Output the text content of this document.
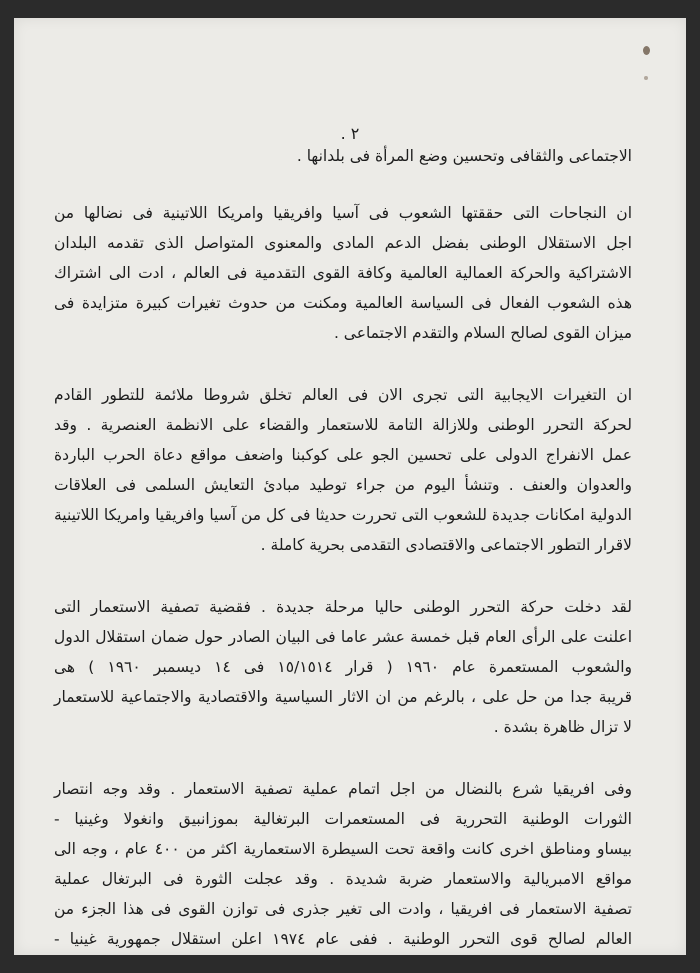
٢ .
الاجتماعى والثقافى وتحسين وضع المرأة فى بلدانها .

ان النجاحات التى حققتها الشعوب فى آسيا وافريقيا وامريكا اللاتينية فى نضالها من
اجل الاستقلال الوطنى بفضل الدعم المادى والمعنوى المتواصل الذى تقدمه البلدان
الاشتراكية والحركة العمالية العالمية وكافة القوى التقدمية فى العالم ، ادت الى اشتراك
هذه الشعوب الفعال فى السياسة العالمية ومكنت من حدوث تغيرات كبيرة متزايدة فى
ميزان القوى لصالح السلام والتقدم الاجتماعى .

ان التغيرات الايجابية التى تجرى الان فى العالم تخلق شروطا ملائمة للتطور القادم
لحركة التحرر الوطنى وللازالة التامة للاستعمار والقضاء على الانظمة العنصرية . وقد
عمل الانفراج الدولى على تحسين الجو على كوكبنا واضعف مواقع دعاة الحرب الباردة
والعدوان والعنف . وتنشأ اليوم من جراء توطيد مبادئ التعايش السلمى فى العلاقات
الدولية امكانات جديدة للشعوب التى تحررت حديثا فى كل من آسيا وافريقيا وامريكا اللاتينية
لاقرار التطور الاجتماعى والاقتصادى التقدمى بحرية كاملة .

لقد دخلت حركة التحرر الوطنى حاليا مرحلة جديدة . فقضية تصفية الاستعمار التى
اعلنت على الرأى العام قبل خمسة عشر عاما فى البيان الصادر حول ضمان استقلال الدول
والشعوب المستعمرة عام ١٩٦٠ ( قرار ١٥/١٥١٤ فى ١٤ ديسمبر ١٩٦٠ ) هى
قريبة جدا من حل على ، بالرغم من ان الاثار السياسية والاقتصادية والاجتماعية للاستعمار
لا تزال ظاهرة بشدة .

وفى افريقيا شرع بالنضال من اجل اتمام عملية تصفية الاستعمار . وقد وجه انتصار
الثورات الوطنية التحررية فى المستعمرات البرتغالية بموزانبيق وانغولا وغينيا -
بيساو ومناطق اخرى كانت واقعة تحت السيطرة الاستعمارية اكثر من ٤٠٠ عام ، وجه الى
مواقع الامبريالية والاستعمار ضربة شديدة . وقد عجلت الثورة فى البرتغال عملية
تصفية الاستعمار فى افريقيا ، وادت الى تغير جذرى فى توازن القوى فى هذا الجزء من
العالم لصالح قوى التحرر الوطنية . ففى عام ١٩٧٤ اعلن استقلال جمهورية غينيا -
